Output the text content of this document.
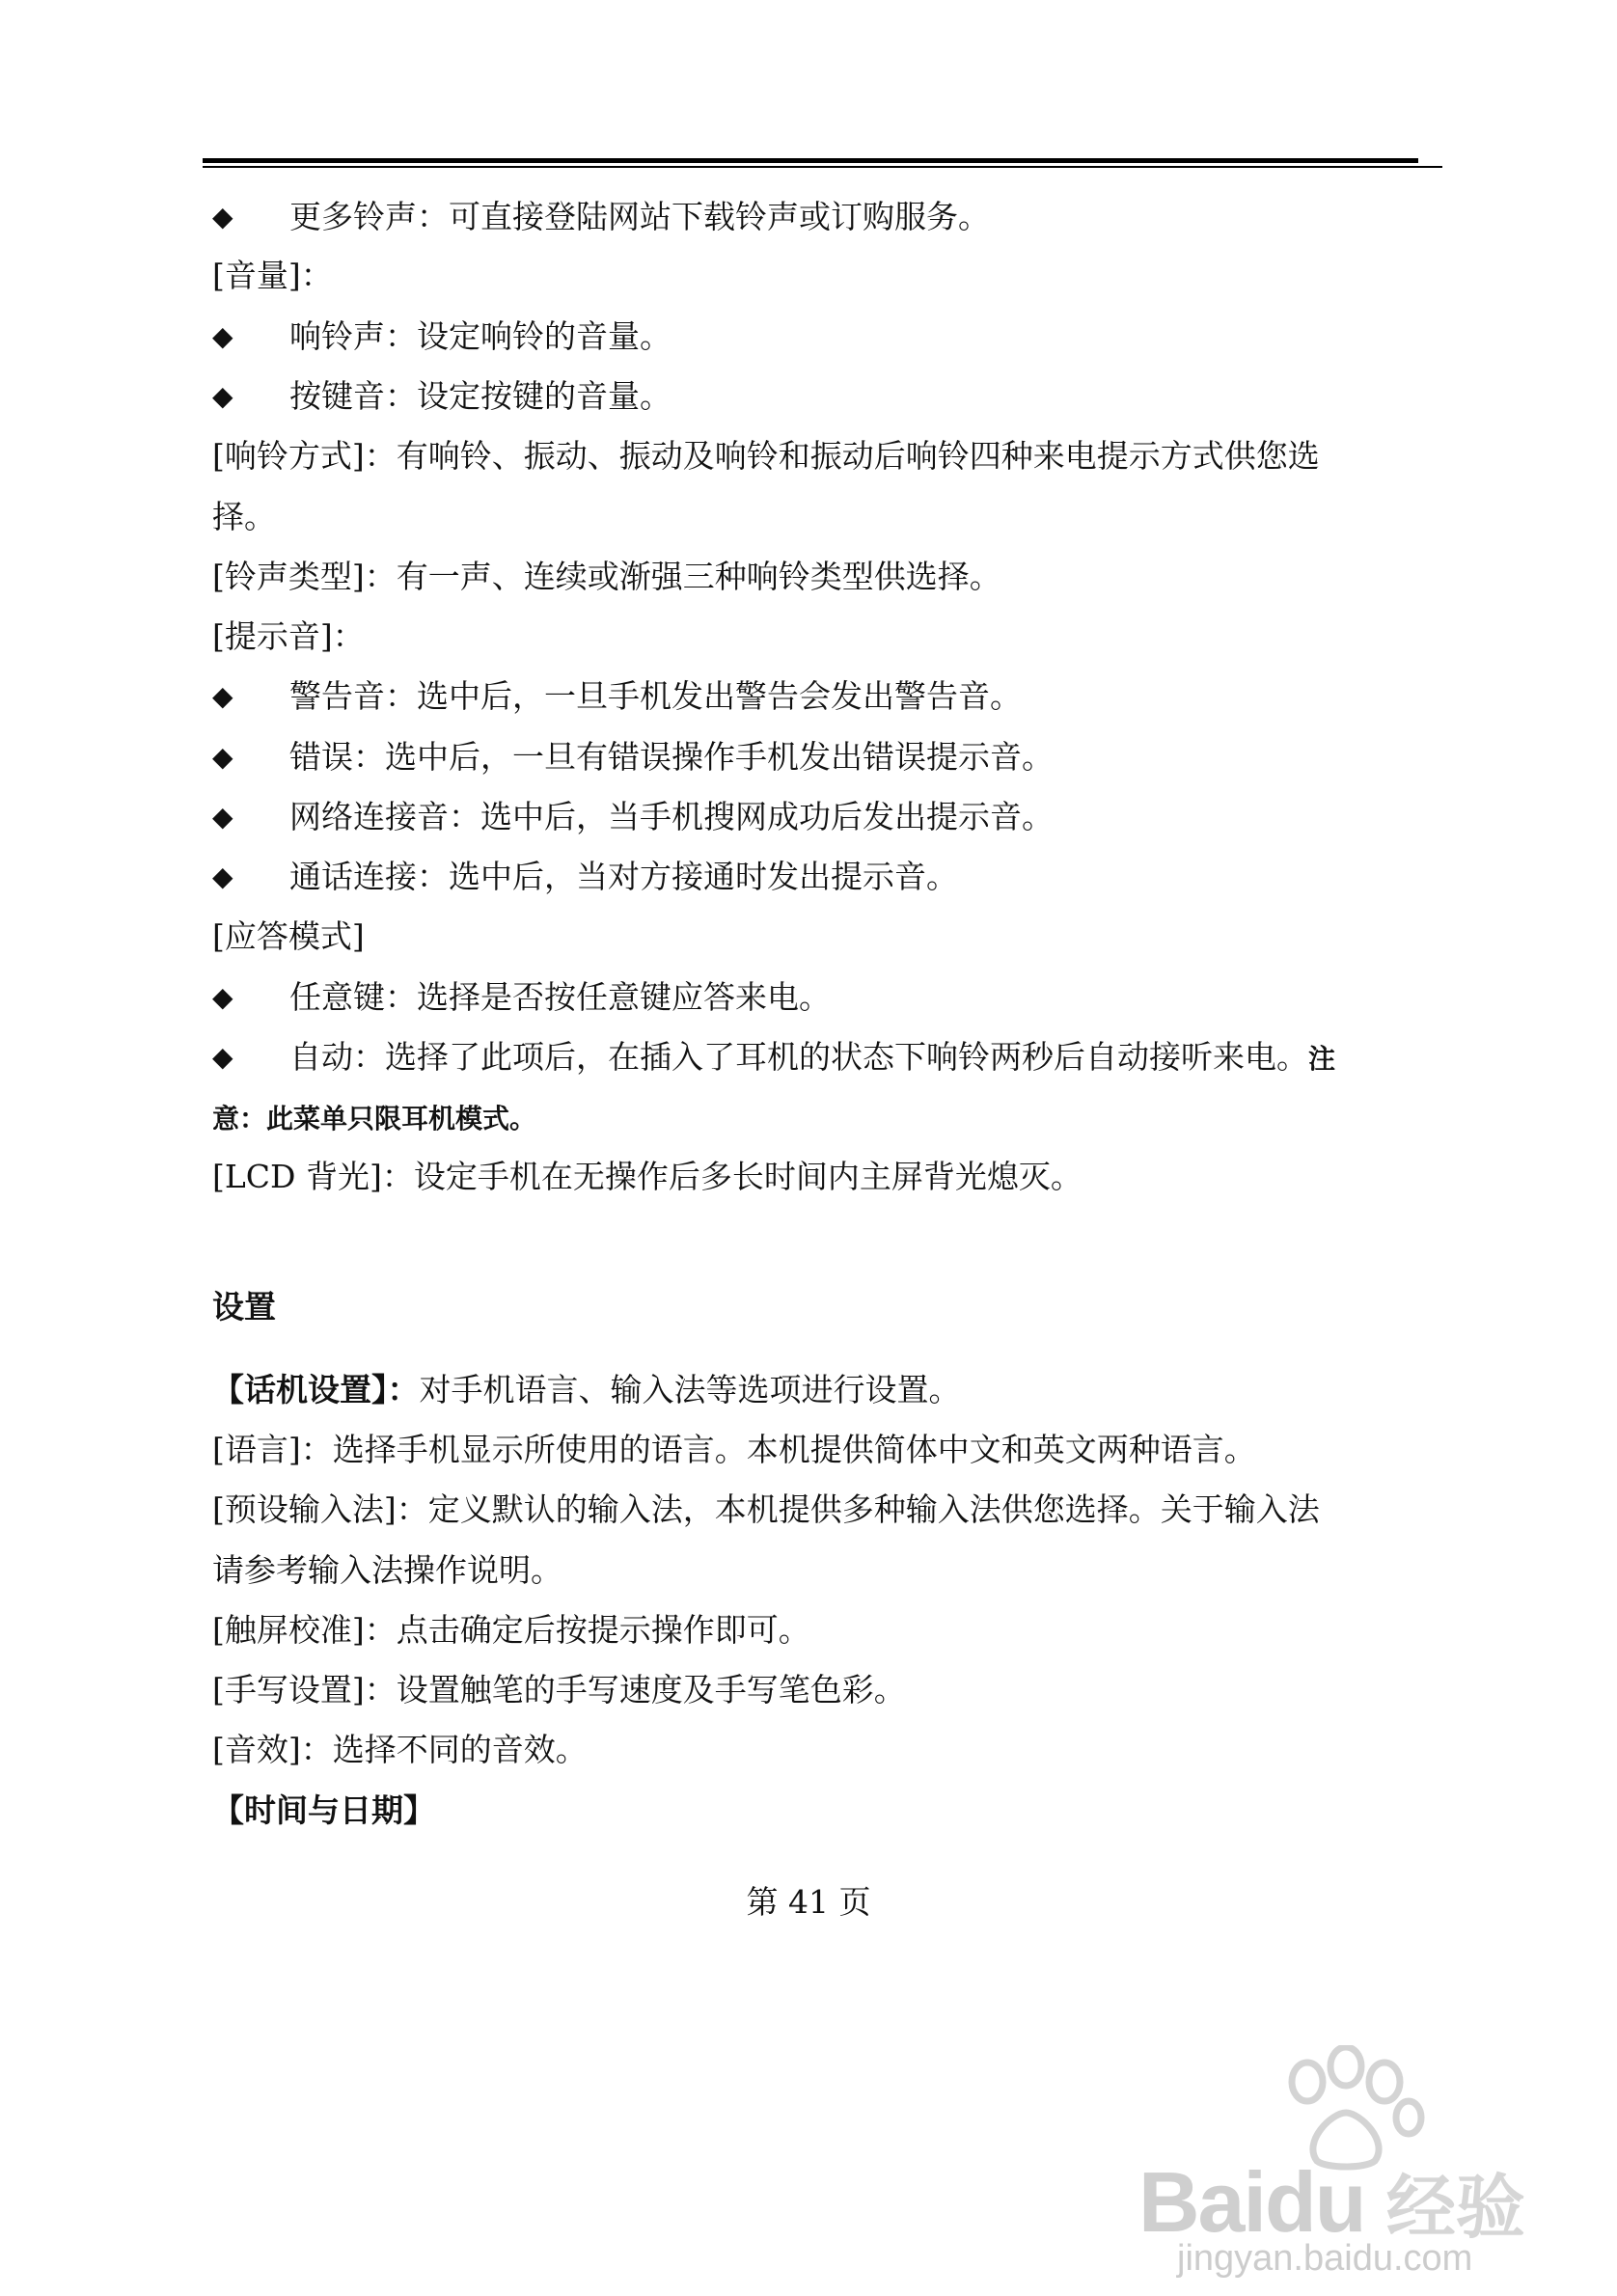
◆ 更多铃声：可直接登陆网站下载铃声或订购服务。
[音量]：
◆ 响铃声：设定响铃的音量。
◆ 按键音：设定按键的音量。
[响铃方式]：有响铃、振动、振动及响铃和振动后响铃四种来电提示方式供您选
择。
[铃声类型]：有一声、连续或渐强三种响铃类型供选择。
[提示音]：
◆ 警告音：选中后，一旦手机发出警告会发出警告音。
◆ 错误：选中后，一旦有错误操作手机发出错误提示音。
◆ 网络连接音：选中后，当手机搜网成功后发出提示音。
◆ 通话连接：选中后，当对方接通时发出提示音。
[应答模式]
◆ 任意键：选择是否按任意键应答来电。
◆ 自动：选择了此项后，在插入了耳机的状态下响铃两秒后自动接听来电。注
意：此菜单只限耳机模式。
[LCD 背光]：设定手机在无操作后多长时间内主屏背光熄灭。
设置
【话机设置】：对手机语言、输入法等选项进行设置。
[语言]：选择手机显示所使用的语言。本机提供简体中文和英文两种语言。
[预设输入法]：定义默认的输入法，本机提供多种输入法供您选择。关于输入法
请参考输入法操作说明。
[触屏校准]：点击确定后按提示操作即可。
[手写设置]：设置触笔的手写速度及手写笔色彩。
[音效]：选择不同的音效。
【时间与日期】
第 41 页
Baidu 经验
jingyan.baidu.com
